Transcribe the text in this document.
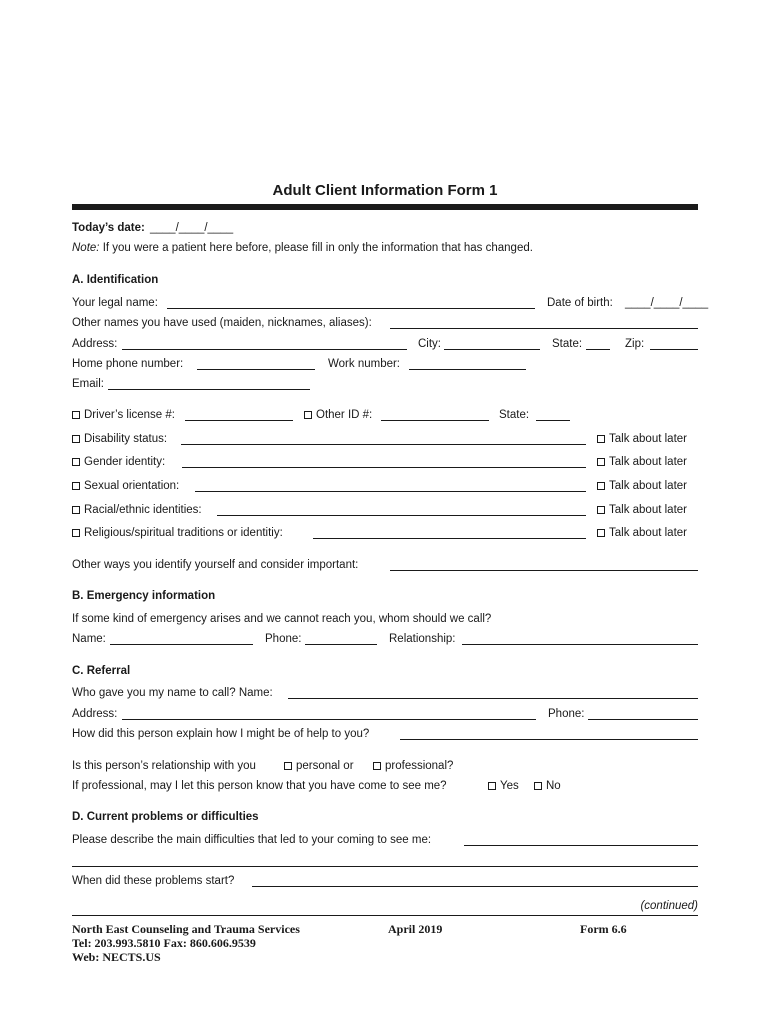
Adult Client Information Form 1
Today’s date: ____/____/____
Note: If you were a patient here before, please fill in only the information that has changed.
A. Identification
Your legal name:	Date of birth: ____/____/____
Other names you have used (maiden, nicknames, aliases):
Address:	City:	State:	Zip:
Home phone number:	Work number:
Email:
Driver’s license #:	Other ID #:	State:
Disability status:	Talk about later
Gender identity:	Talk about later
Sexual orientation:	Talk about later
Racial/ethnic identities:	Talk about later
Religious/spiritual traditions or identitiy:	Talk about later
Other ways you identify yourself and consider important:
B. Emergency information
If some kind of emergency arises and we cannot reach you, whom should we call?
Name:	Phone:	Relationship:
C. Referral
Who gave you my name to call? Name:
Address:	Phone:
How did this person explain how I might be of help to you?
Is this person’s relationship with you	personal or	professional?
If professional, may I let this person know that you have come to see me?	Yes	No
D. Current problems or difficulties
Please describe the main difficulties that led to your coming to see me:
When did these problems start?
(continued)
North East Counseling and Trauma Services	April 2019	Form 6.6
Tel: 203.993.5810 Fax: 860.606.9539
Web: NECTS.US
